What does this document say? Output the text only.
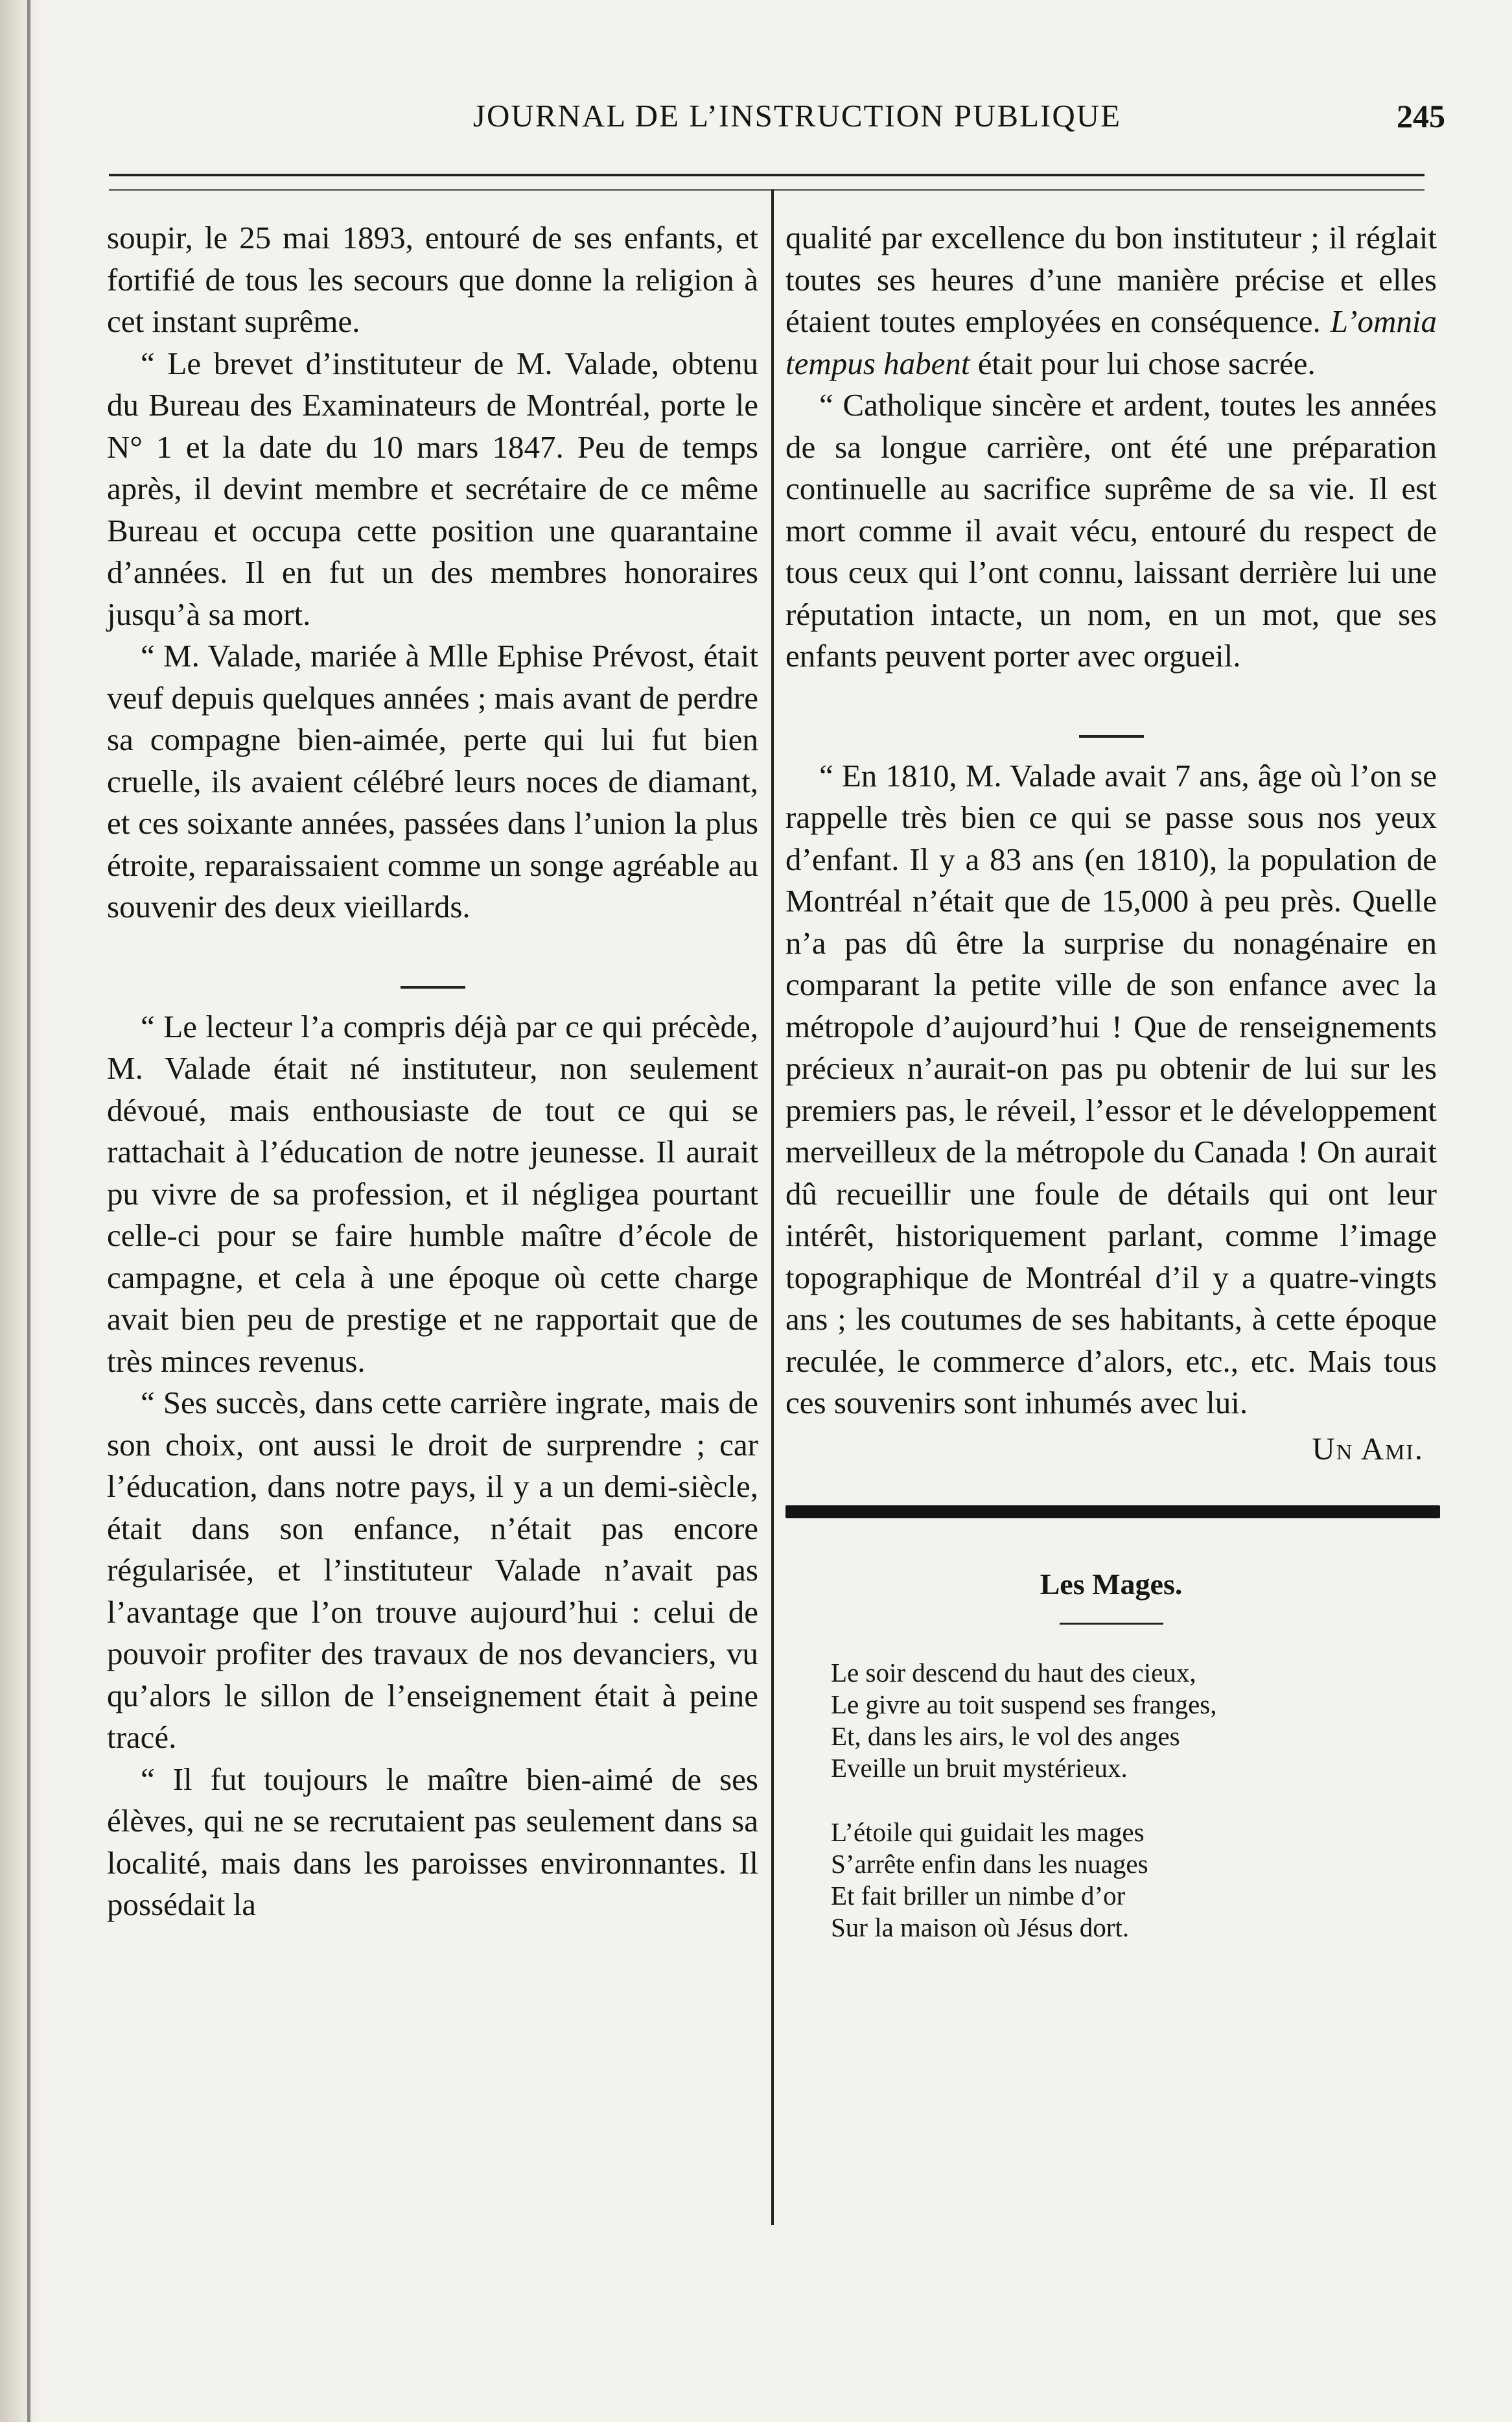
JOURNAL DE L’INSTRUCTION PUBLIQUE	245

soupir, le 25 mai 1893, entouré de ses enfants, et fortifié de tous les secours que donne la religion à cet instant suprême.

“ Le brevet d’instituteur de M. Valade, obtenu du Bureau des Examinateurs de Montréal, porte le N° 1 et la date du 10 mars 1847. Peu de temps après, il devint membre et secrétaire de ce même Bureau et occupa cette position une quarantaine d’années. Il en fut un des membres honoraires jusqu’à sa mort.

“ M. Valade, mariée à Mlle Ephise Prévost, était veuf depuis quelques années ; mais avant de perdre sa compagne bien-aimée, perte qui lui fut bien cruelle, ils avaient célébré leurs noces de diamant, et ces soixante années, passées dans l’union la plus étroite, reparaissaient comme un songe agréable au souvenir des deux vieillards.

“ Le lecteur l’a compris déjà par ce qui précède, M. Valade était né instituteur, non seulement dévoué, mais enthousiaste de tout ce qui se rattachait à l’éducation de notre jeunesse. Il aurait pu vivre de sa profession, et il négligea pourtant celle-ci pour se faire humble maître d’école de campagne, et cela à une époque où cette charge avait bien peu de prestige et ne rapportait que de très minces revenus.

“ Ses succès, dans cette carrière ingrate, mais de son choix, ont aussi le droit de surprendre ; car l’éducation, dans notre pays, il y a un demi-siècle, était dans son enfance, n’était pas encore régularisée, et l’instituteur Valade n’avait pas l’avantage que l’on trouve aujourd’hui : celui de pouvoir profiter des travaux de nos devanciers, vu qu’alors le sillon de l’enseignement était à peine tracé.

“ Il fut toujours le maître bien-aimé de ses élèves, qui ne se recrutaient pas seulement dans sa localité, mais dans les paroisses environnantes. Il possédait la

qualité par excellence du bon instituteur ; il réglait toutes ses heures d’une manière précise et elles étaient toutes employées en conséquence. L’omnia tempus habent était pour lui chose sacrée.

“ Catholique sincère et ardent, toutes les années de sa longue carrière, ont été une préparation continuelle au sacrifice suprême de sa vie. Il est mort comme il avait vécu, entouré du respect de tous ceux qui l’ont connu, laissant derrière lui une réputation intacte, un nom, en un mot, que ses enfants peuvent porter avec orgueil.

“ En 1810, M. Valade avait 7 ans, âge où l’on se rappelle très bien ce qui se passe sous nos yeux d’enfant. Il y a 83 ans (en 1810), la population de Montréal n’était que de 15,000 à peu près. Quelle n’a pas dû être la surprise du nonagénaire en comparant la petite ville de son enfance avec la métropole d’aujourd’hui ! Que de renseignements précieux n’aurait-on pas pu obtenir de lui sur les premiers pas, le réveil, l’essor et le développement merveilleux de la métropole du Canada ! On aurait dû recueillir une foule de détails qui ont leur intérêt, historiquement parlant, comme l’image topographique de Montréal d’il y a quatre-vingts ans ; les coutumes de ses habitants, à cette époque reculée, le commerce d’alors, etc., etc. Mais tous ces souvenirs sont inhumés avec lui.

Un Ami.
Les Mages.
Le soir descend du haut des cieux,
Le givre au toit suspend ses franges,
Et, dans les airs, le vol des anges
Eveille un bruit mystérieux.
L’étoile qui guidait les mages
S’arrête enfin dans les nuages
Et fait briller un nimbe d’or
Sur la maison où Jésus dort.
